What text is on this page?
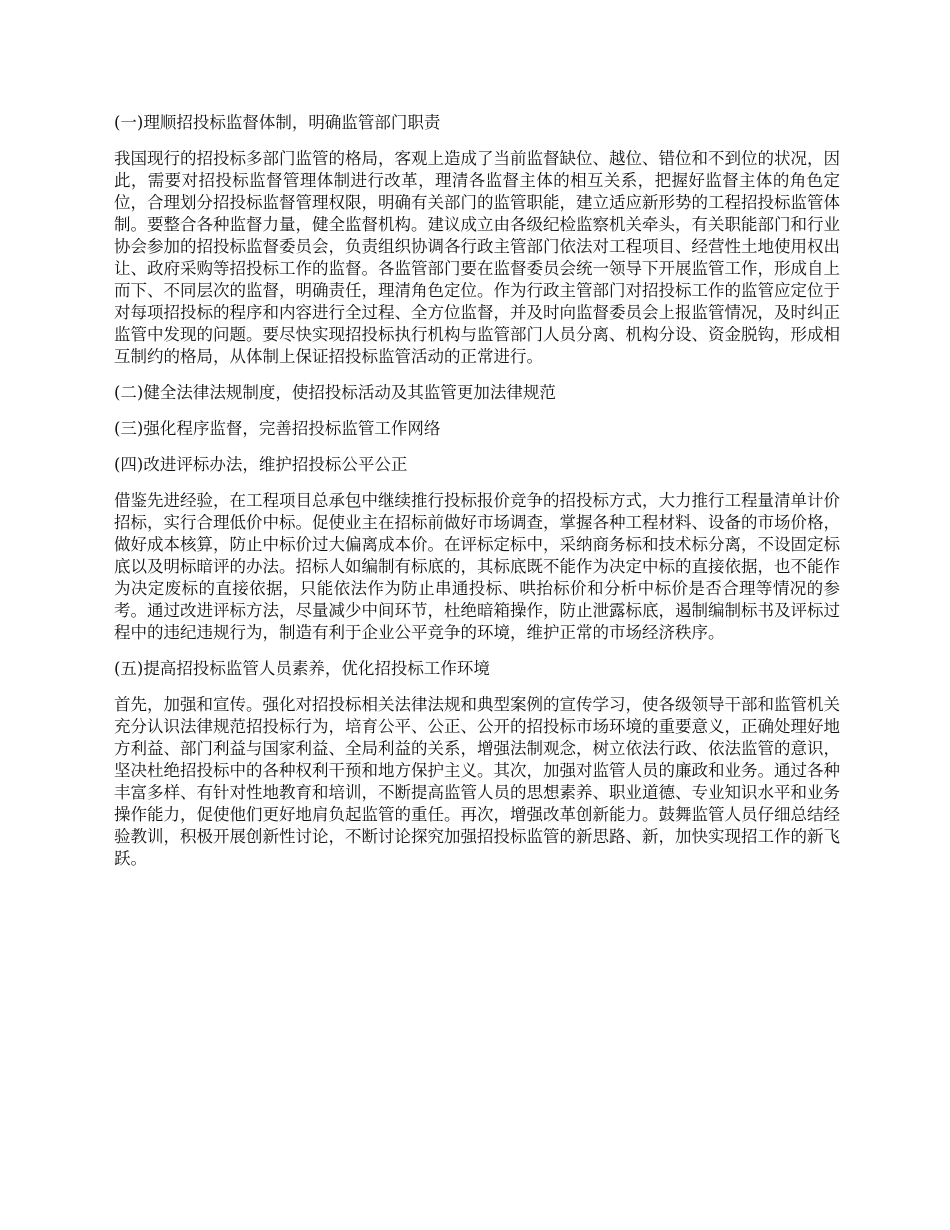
(一)理顺招投标监督体制，明确监管部门职责

我国现行的招投标多部门监管的格局，客观上造成了当前监督缺位、越位、错位和不到位的状况，因此，需要对招投标监督管理体制进行改革，理清各监督主体的相互关系，把握好监督主体的角色定位，合理划分招投标监督管理权限，明确有关部门的监管职能，建立适应新形势的工程招投标监管体制。要整合各种监督力量，健全监督机构。建议成立由各级纪检监察机关牵头，有关职能部门和行业协会参加的招投标监督委员会，负责组织协调各行政主管部门依法对工程项目、经营性土地使用权出让、政府采购等招投标工作的监督。各监管部门要在监督委员会统一领导下开展监管工作，形成自上而下、不同层次的监督，明确责任，理清角色定位。作为行政主管部门对招投标工作的监管应定位于对每项招投标的程序和内容进行全过程、全方位监督，并及时向监督委员会上报监管情况，及时纠正监管中发现的问题。要尽快实现招投标执行机构与监管部门人员分离、机构分设、资金脱钩，形成相互制约的格局，从体制上保证招投标监管活动的正常进行。

(二)健全法律法规制度，使招投标活动及其监管更加法律规范

(三)强化程序监督，完善招投标监管工作网络

(四)改进评标办法，维护招投标公平公正

借鉴先进经验，在工程项目总承包中继续推行投标报价竞争的招投标方式，大力推行工程量清单计价招标，实行合理低价中标。促使业主在招标前做好市场调查，掌握各种工程材料、设备的市场价格，做好成本核算，防止中标价过大偏离成本价。在评标定标中，采纳商务标和技术标分离，不设固定标底以及明标暗评的办法。招标人如编制有标底的，其标底既不能作为决定中标的直接依据，也不能作为决定废标的直接依据，只能依法作为防止串通投标、哄抬标价和分析中标价是否合理等情况的参考。通过改进评标方法，尽量减少中间环节，杜绝暗箱操作，防止泄露标底，遏制编制标书及评标过程中的违纪违规行为，制造有利于企业公平竞争的环境，维护正常的市场经济秩序。

(五)提高招投标监管人员素养，优化招投标工作环境

首先，加强和宣传。强化对招投标相关法律法规和典型案例的宣传学习，使各级领导干部和监管机关充分认识法律规范招投标行为，培育公平、公正、公开的招投标市场环境的重要意义，正确处理好地方利益、部门利益与国家利益、全局利益的关系，增强法制观念，树立依法行政、依法监管的意识，坚决杜绝招投标中的各种权利干预和地方保护主义。其次，加强对监管人员的廉政和业务。通过各种丰富多样、有针对性地教育和培训，不断提高监管人员的思想素养、职业道德、专业知识水平和业务操作能力，促使他们更好地肩负起监管的重任。再次，增强改革创新能力。鼓舞监管人员仔细总结经验教训，积极开展创新性讨论，不断讨论探究加强招投标监管的新思路、新，加快实现招工作的新飞跃。
